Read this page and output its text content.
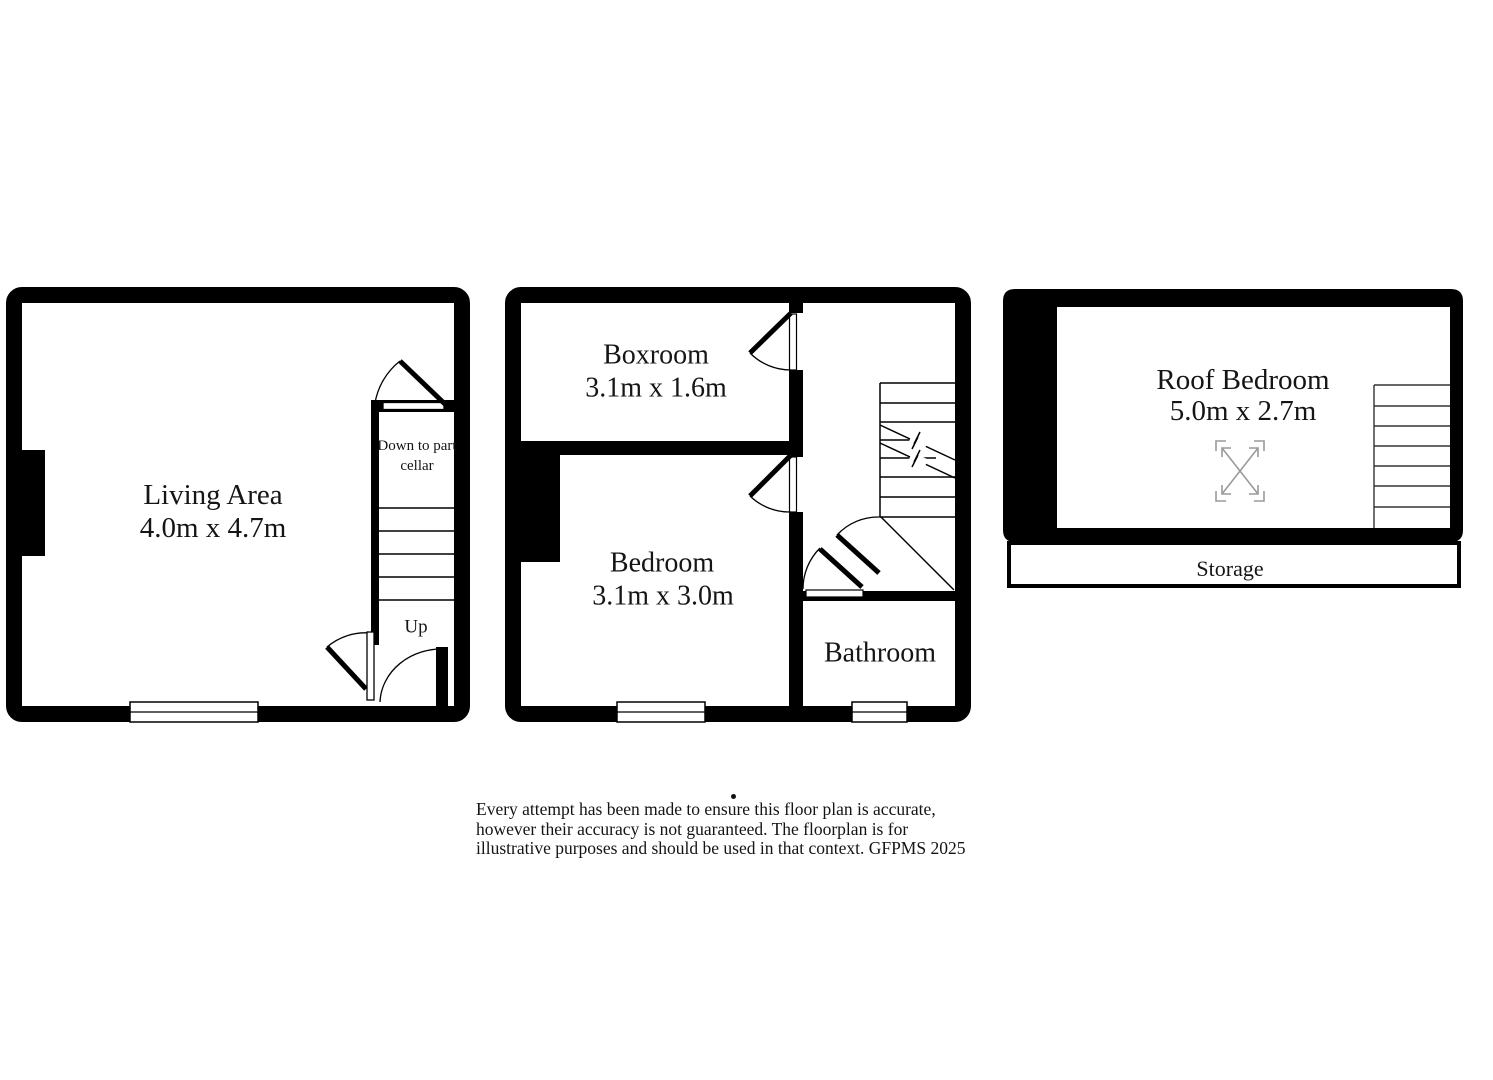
Living Area
4.0m x 4.7m
Down to part cellar
Up
Boxroom
3.1m x 1.6m
Bedroom
3.1m x 3.0m
Bathroom
Roof Bedroom
5.0m x 2.7m
Storage
Every attempt has been made to ensure this floor plan is accurate,
however their accuracy is not guaranteed. The floorplan is for
illustrative purposes and should be used in that context. GFPMS 2025
